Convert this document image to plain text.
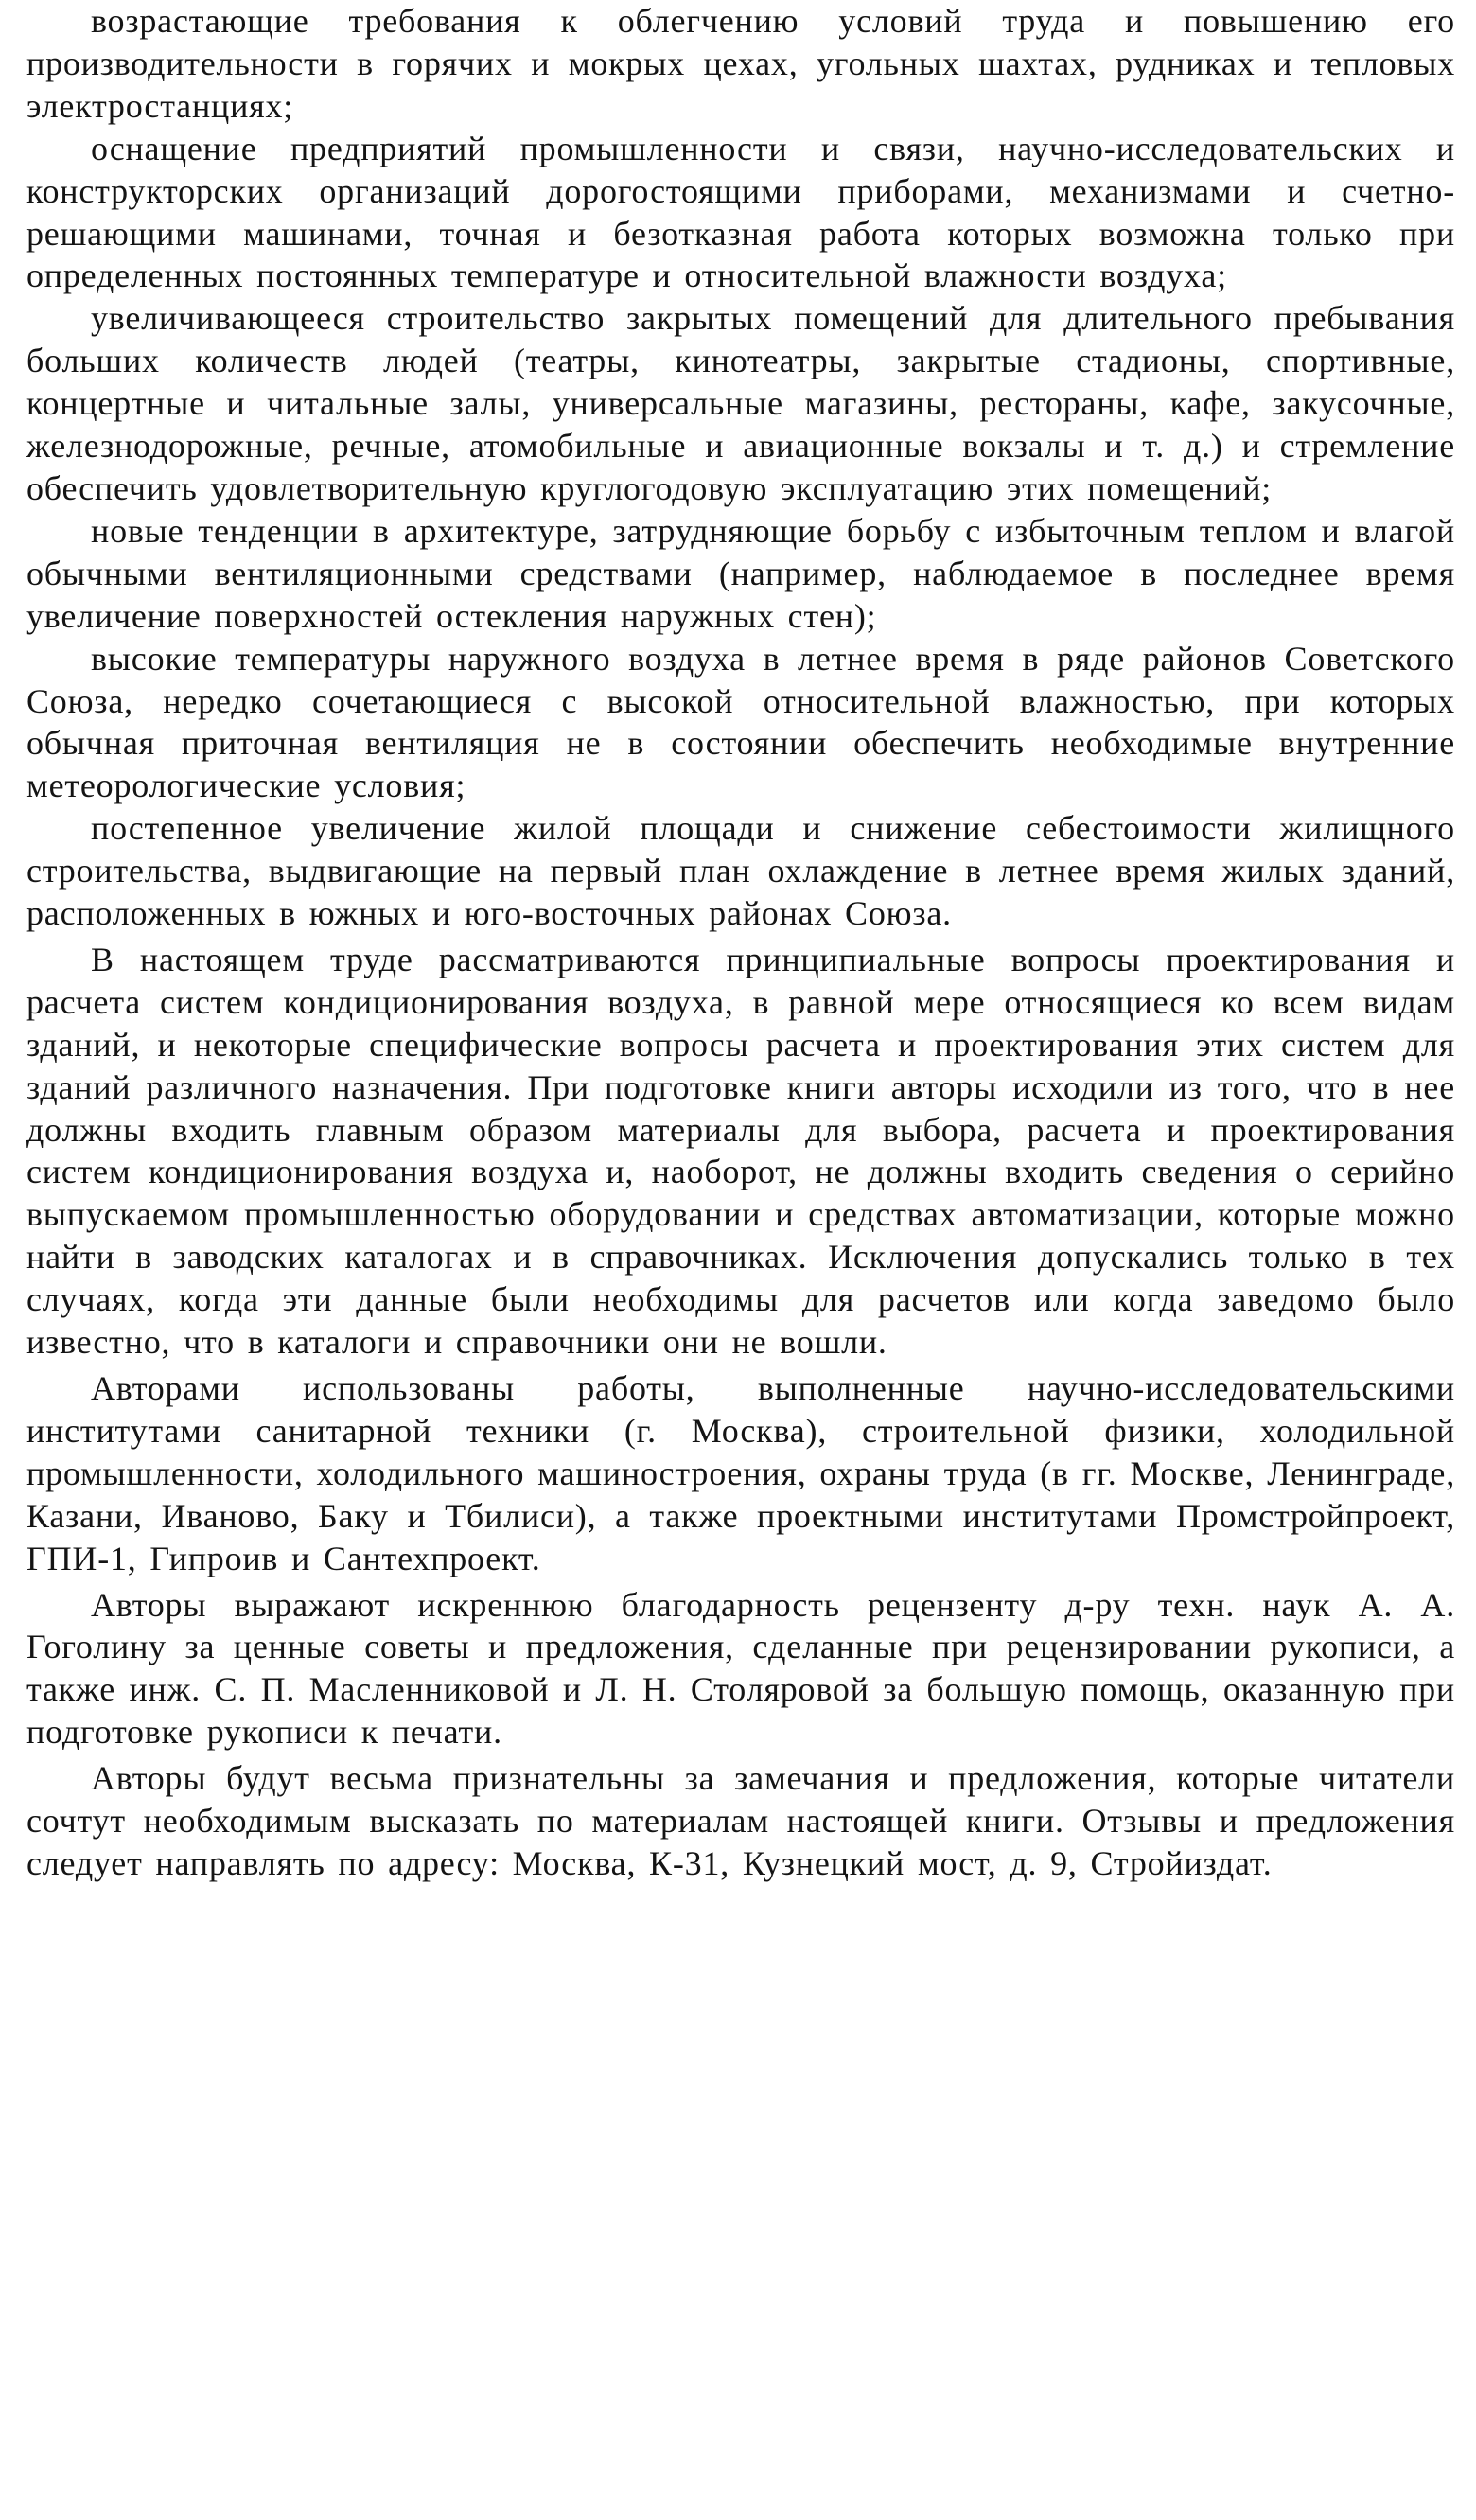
возрастающие требования к облегчению условий труда и повышению его производительности в горячих и мокрых цехах, угольных шахтах, рудниках и тепловых электростанциях;

оснащение предприятий промышленности и связи, научно-исследовательских и конструкторских организаций дорогостоящими приборами, механизмами и счетно-решающими машинами, точная и безотказная работа которых возможна только при определенных постоянных температуре и относительной влажности воздуха;

увеличивающееся строительство закрытых помещений для длительного пребывания больших количеств людей (театры, кинотеатры, закрытые стадионы, спортивные, концертные и читальные залы, универсальные магазины, рестораны, кафе, закусочные, железнодорожные, речные, атомобильные и авиационные вокзалы и т. д.) и стремление обеспечить удовлетворительную круглогодовую эксплуатацию этих помещений;

новые тенденции в архитектуре, затрудняющие борьбу с избыточным теплом и влагой обычными вентиляционными средствами (например, наблюдаемое в последнее время увеличение поверхностей остекления наружных стен);

высокие температуры наружного воздуха в летнее время в ряде районов Советского Союза, нередко сочетающиеся с высокой относительной влажностью, при которых обычная приточная вентиляция не в состоянии обеспечить необходимые внутренние метеорологические условия;

постепенное увеличение жилой площади и снижение себестоимости жилищного строительства, выдвигающие на первый план охлаждение в летнее время жилых зданий, расположенных в южных и юго-восточных районах Союза.

В настоящем труде рассматриваются принципиальные вопросы проектирования и расчета систем кондиционирования воздуха, в равной мере относящиеся ко всем видам зданий, и некоторые специфические вопросы расчета и проектирования этих систем для зданий различного назначения. При подготовке книги авторы исходили из того, что в нее должны входить главным образом материалы для выбора, расчета и проектирования систем кондиционирования воздуха и, наоборот, не должны входить сведения о серийно выпускаемом промышленностью оборудовании и средствах автоматизации, которые можно найти в заводских каталогах и в справочниках. Исключения допускались только в тех случаях, когда эти данные были необходимы для расчетов или когда заведомо было известно, что в каталоги и справочники они не вошли.

Авторами использованы работы, выполненные научно-исследовательскими институтами санитарной техники (г. Москва), строительной физики, холодильной промышленности, холодильного машиностроения, охраны труда (в гг. Москве, Ленинграде, Казани, Иваново, Баку и Тбилиси), а также проектными институтами Промстройпроект, ГПИ-1, Гипроив и Сантехпроект.

Авторы выражают искреннюю благодарность рецензенту д-ру техн. наук А. А. Гоголину за ценные советы и предложения, сделанные при рецензировании рукописи, а также инж. С. П. Масленниковой и Л. Н. Столяровой за большую помощь, оказанную при подготовке рукописи к печати.

Авторы будут весьма признательны за замечания и предложения, которые читатели сочтут необходимым высказать по материалам настоящей книги. Отзывы и предложения следует направлять по адресу: Москва, К-31, Кузнецкий мост, д. 9, Стройиздат.
